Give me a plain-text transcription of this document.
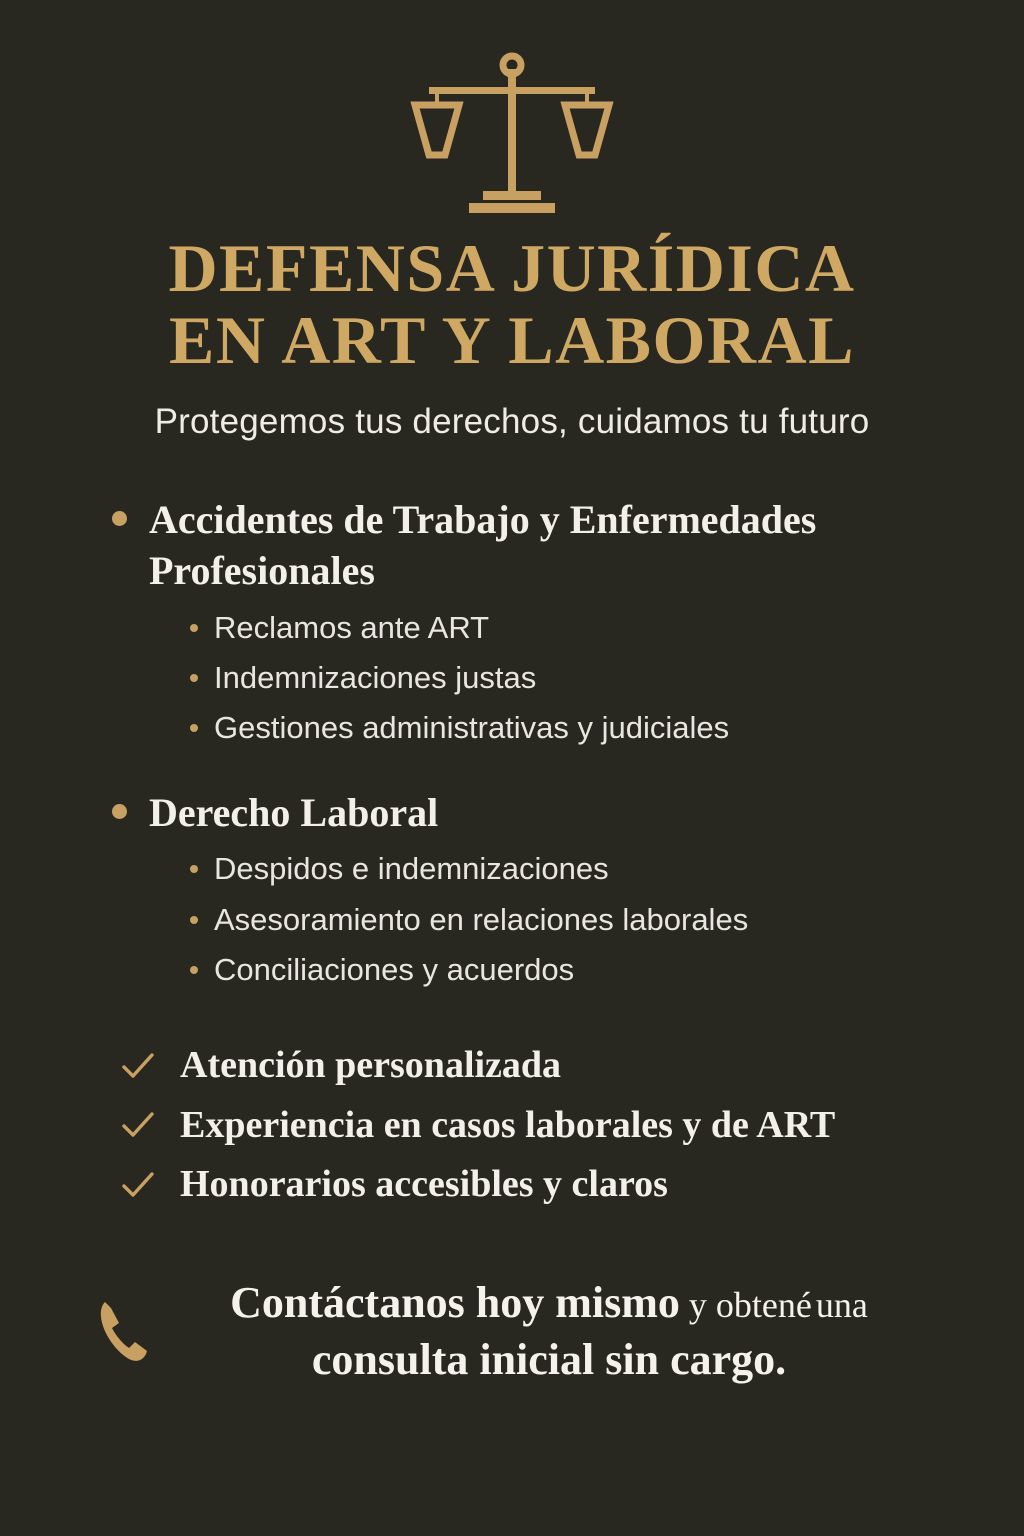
DEFENSA JURÍDICA
EN ART Y LABORAL
Protegemos tus derechos, cuidamos tu futuro
Accidentes de Trabajo y Enfermedades Profesionales
Reclamos ante ART
Indemnizaciones justas
Gestiones administrativas y judiciales
Derecho Laboral
Despidos e indemnizaciones
Asesoramiento en relaciones laborales
Conciliaciones y acuerdos
Atención personalizada
Experiencia en casos laborales y de ART
Honorarios accesibles y claros
Contáctanos hoy mismo y obtené una consulta inicial sin cargo.
